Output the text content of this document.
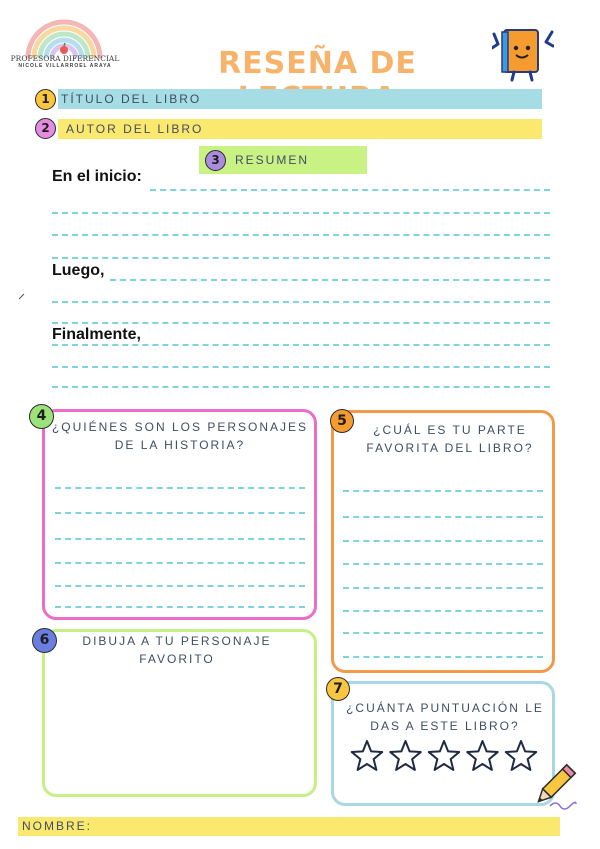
PROFESORA DIFERENCIAL
NICOLE VILLARROEL ARAYA	RESEÑA DE
1 TÍTULO DEL LIBRO
2	AUTOR DEL LIBRO
3	RESUMEN
En el inicio:
Luego,
Finalmente,
4
¿QUIÉNES SON LOS PERSONAJES DE LA HISTORIA?
5
¿CUÁL ES TU PARTE FAVORITA DEL LIBRO?
6	DIBUJA A TU PERSONAJE FAVORITO
7
¿CUÁNTA PUNTUACIÓN LE DAS A ESTE LIBRO?
NOMBRE:
